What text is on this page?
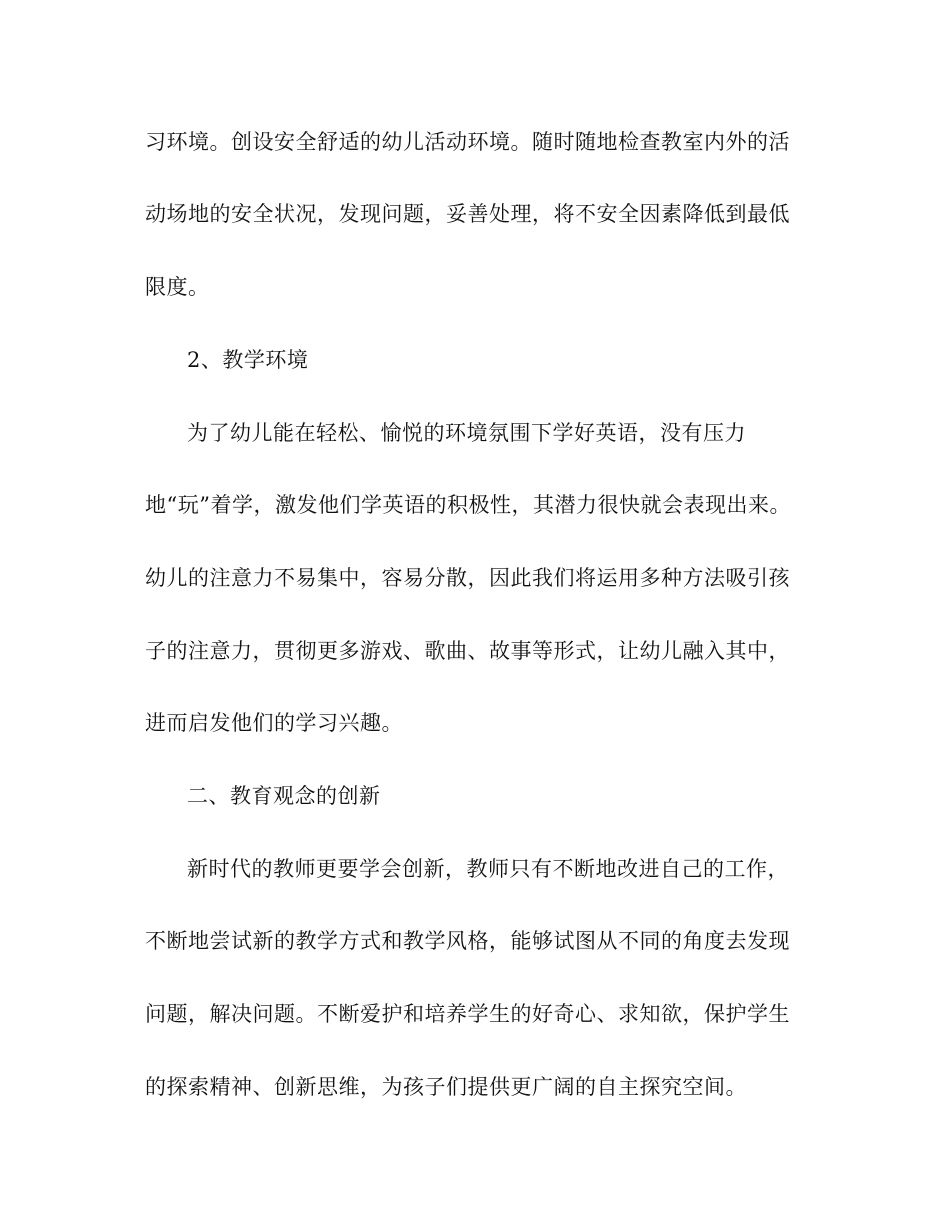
习环境。创设安全舒适的幼儿活动环境。随时随地检查教室内外的活
动场地的安全状况，发现问题，妥善处理，将不安全因素降低到最低
限度。
2、教学环境
为了幼儿能在轻松、愉悦的环境氛围下学好英语，没有压力
地“玩”着学，激发他们学英语的积极性，其潜力很快就会表现出来。
幼儿的注意力不易集中，容易分散，因此我们将运用多种方法吸引孩
子的注意力，贯彻更多游戏、歌曲、故事等形式，让幼儿融入其中，
进而启发他们的学习兴趣。
二、教育观念的创新
新时代的教师更要学会创新，教师只有不断地改进自己的工作，
不断地尝试新的教学方式和教学风格，能够试图从不同的角度去发现
问题，解决问题。不断爱护和培养学生的好奇心、求知欲，保护学生
的探索精神、创新思维，为孩子们提供更广阔的自主探究空间。
